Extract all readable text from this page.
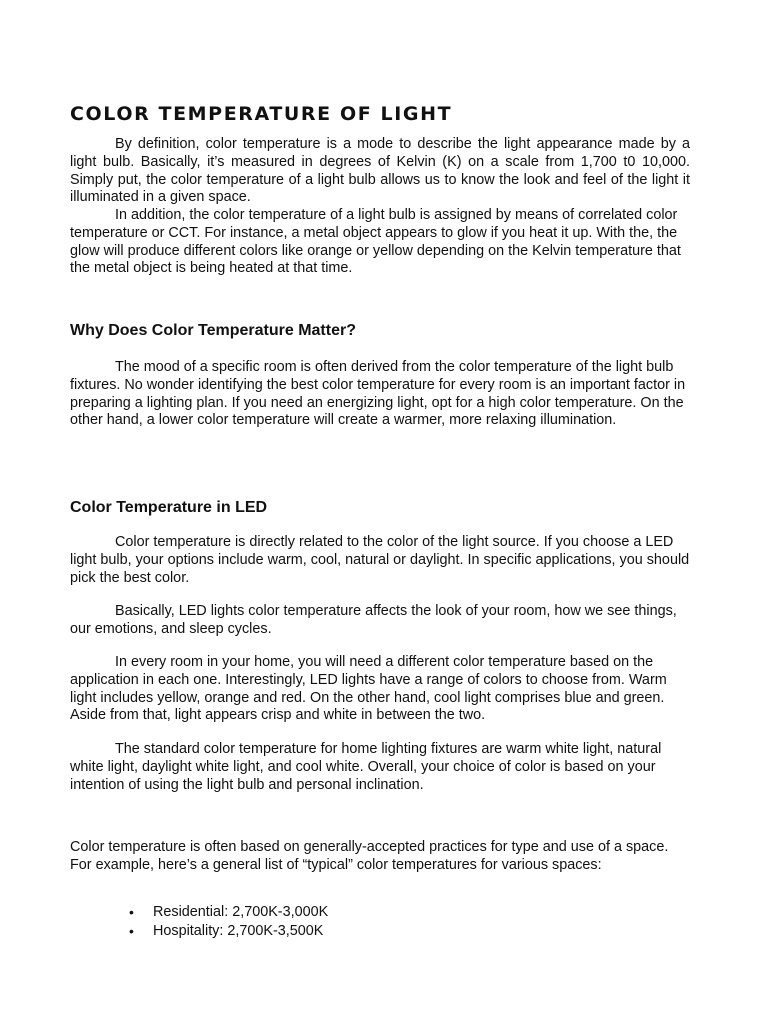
COLOR TEMPERATURE OF LIGHT

By definition, color temperature is a mode to describe the light appearance made by a light bulb. Basically, it’s measured in degrees of Kelvin (K) on a scale from 1,700 t0 10,000. Simply put, the color temperature of a light bulb allows us to know the look and feel of the light it illuminated in a given space.

In addition, the color temperature of a light bulb is assigned by means of correlated color temperature or CCT. For instance, a metal object appears to glow if you heat it up. With the, the glow will produce different colors like orange or yellow depending on the Kelvin temperature that the metal object is being heated at that time.

Why Does Color Temperature Matter?

The mood of a specific room is often derived from the color temperature of the light bulb fixtures. No wonder identifying the best color temperature for every room is an important factor in preparing a lighting plan. If you need an energizing light, opt for a high color temperature. On the other hand, a lower color temperature will create a warmer, more relaxing illumination.

Color Temperature in LED

Color temperature is directly related to the color of the light source. If you choose a LED light bulb, your options include warm, cool, natural or daylight. In specific applications, you should pick the best color.

Basically, LED lights color temperature affects the look of your room, how we see things, our emotions, and sleep cycles.

In every room in your home, you will need a different color temperature based on the application in each one. Interestingly, LED lights have a range of colors to choose from. Warm light includes yellow, orange and red. On the other hand, cool light comprises blue and green. Aside from that, light appears crisp and white in between the two.

The standard color temperature for home lighting fixtures are warm white light, natural white light, daylight white light, and cool white. Overall, your choice of color is based on your intention of using the light bulb and personal inclination.

Color temperature is often based on generally-accepted practices for type and use of a space. For example, here’s a general list of “typical” color temperatures for various spaces:

• Residential: 2,700K-3,000K
• Hospitality: 2,700K-3,500K
